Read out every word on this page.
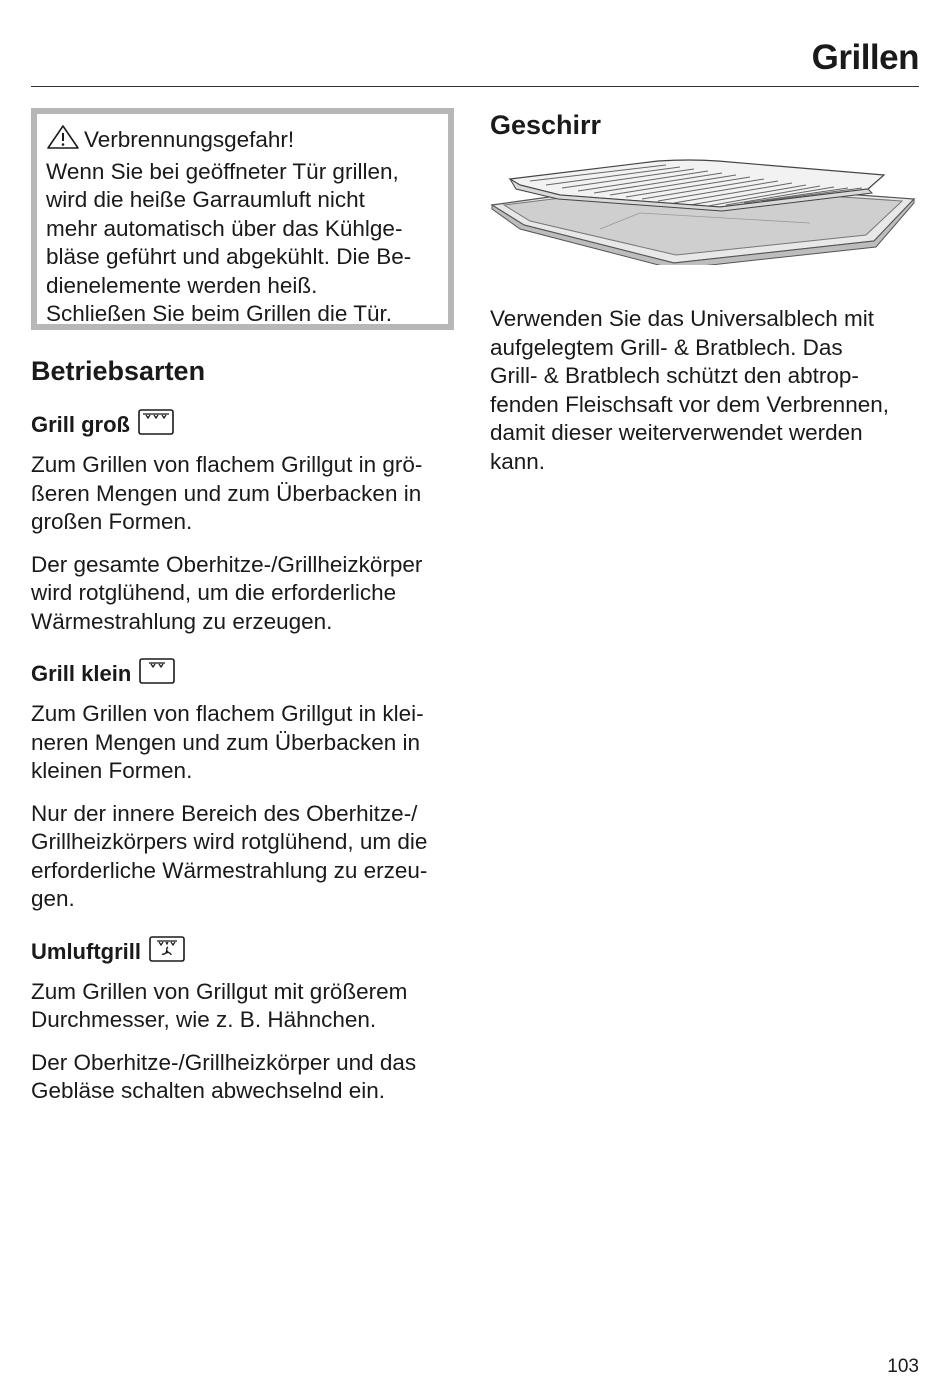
Grillen
Verbrennungsgefahr!
Wenn Sie bei geöffneter Tür grillen,
wird die heiße Garraumluft nicht
mehr automatisch über das Kühlge-
bläse geführt und abgekühlt. Die Be-
dienelemente werden heiß.
Schließen Sie beim Grillen die Tür.
Betriebsarten
Grill groß

Zum Grillen von flachem Grillgut in grö-
ßeren Mengen und zum Überbacken in
großen Formen.

Der gesamte Oberhitze-/Grillheizkörper
wird rotglühend, um die erforderliche
Wärmestrahlung zu erzeugen.

Grill klein

Zum Grillen von flachem Grillgut in klei-
neren Mengen und zum Überbacken in
kleinen Formen.

Nur der innere Bereich des Oberhitze-/
Grillheizkörpers wird rotglühend, um die
erforderliche Wärmestrahlung zu erzeu-
gen.

Umluftgrill

Zum Grillen von Grillgut mit größerem
Durchmesser, wie z. B. Hähnchen.

Der Oberhitze-/Grillheizkörper und das
Gebläse schalten abwechselnd ein.

Geschirr

Verwenden Sie das Universalblech mit
aufgelegtem Grill- & Bratblech. Das
Grill- & Bratblech schützt den abtrop-
fenden Fleischsaft vor dem Verbrennen,
damit dieser weiterverwendet werden
kann.

103
